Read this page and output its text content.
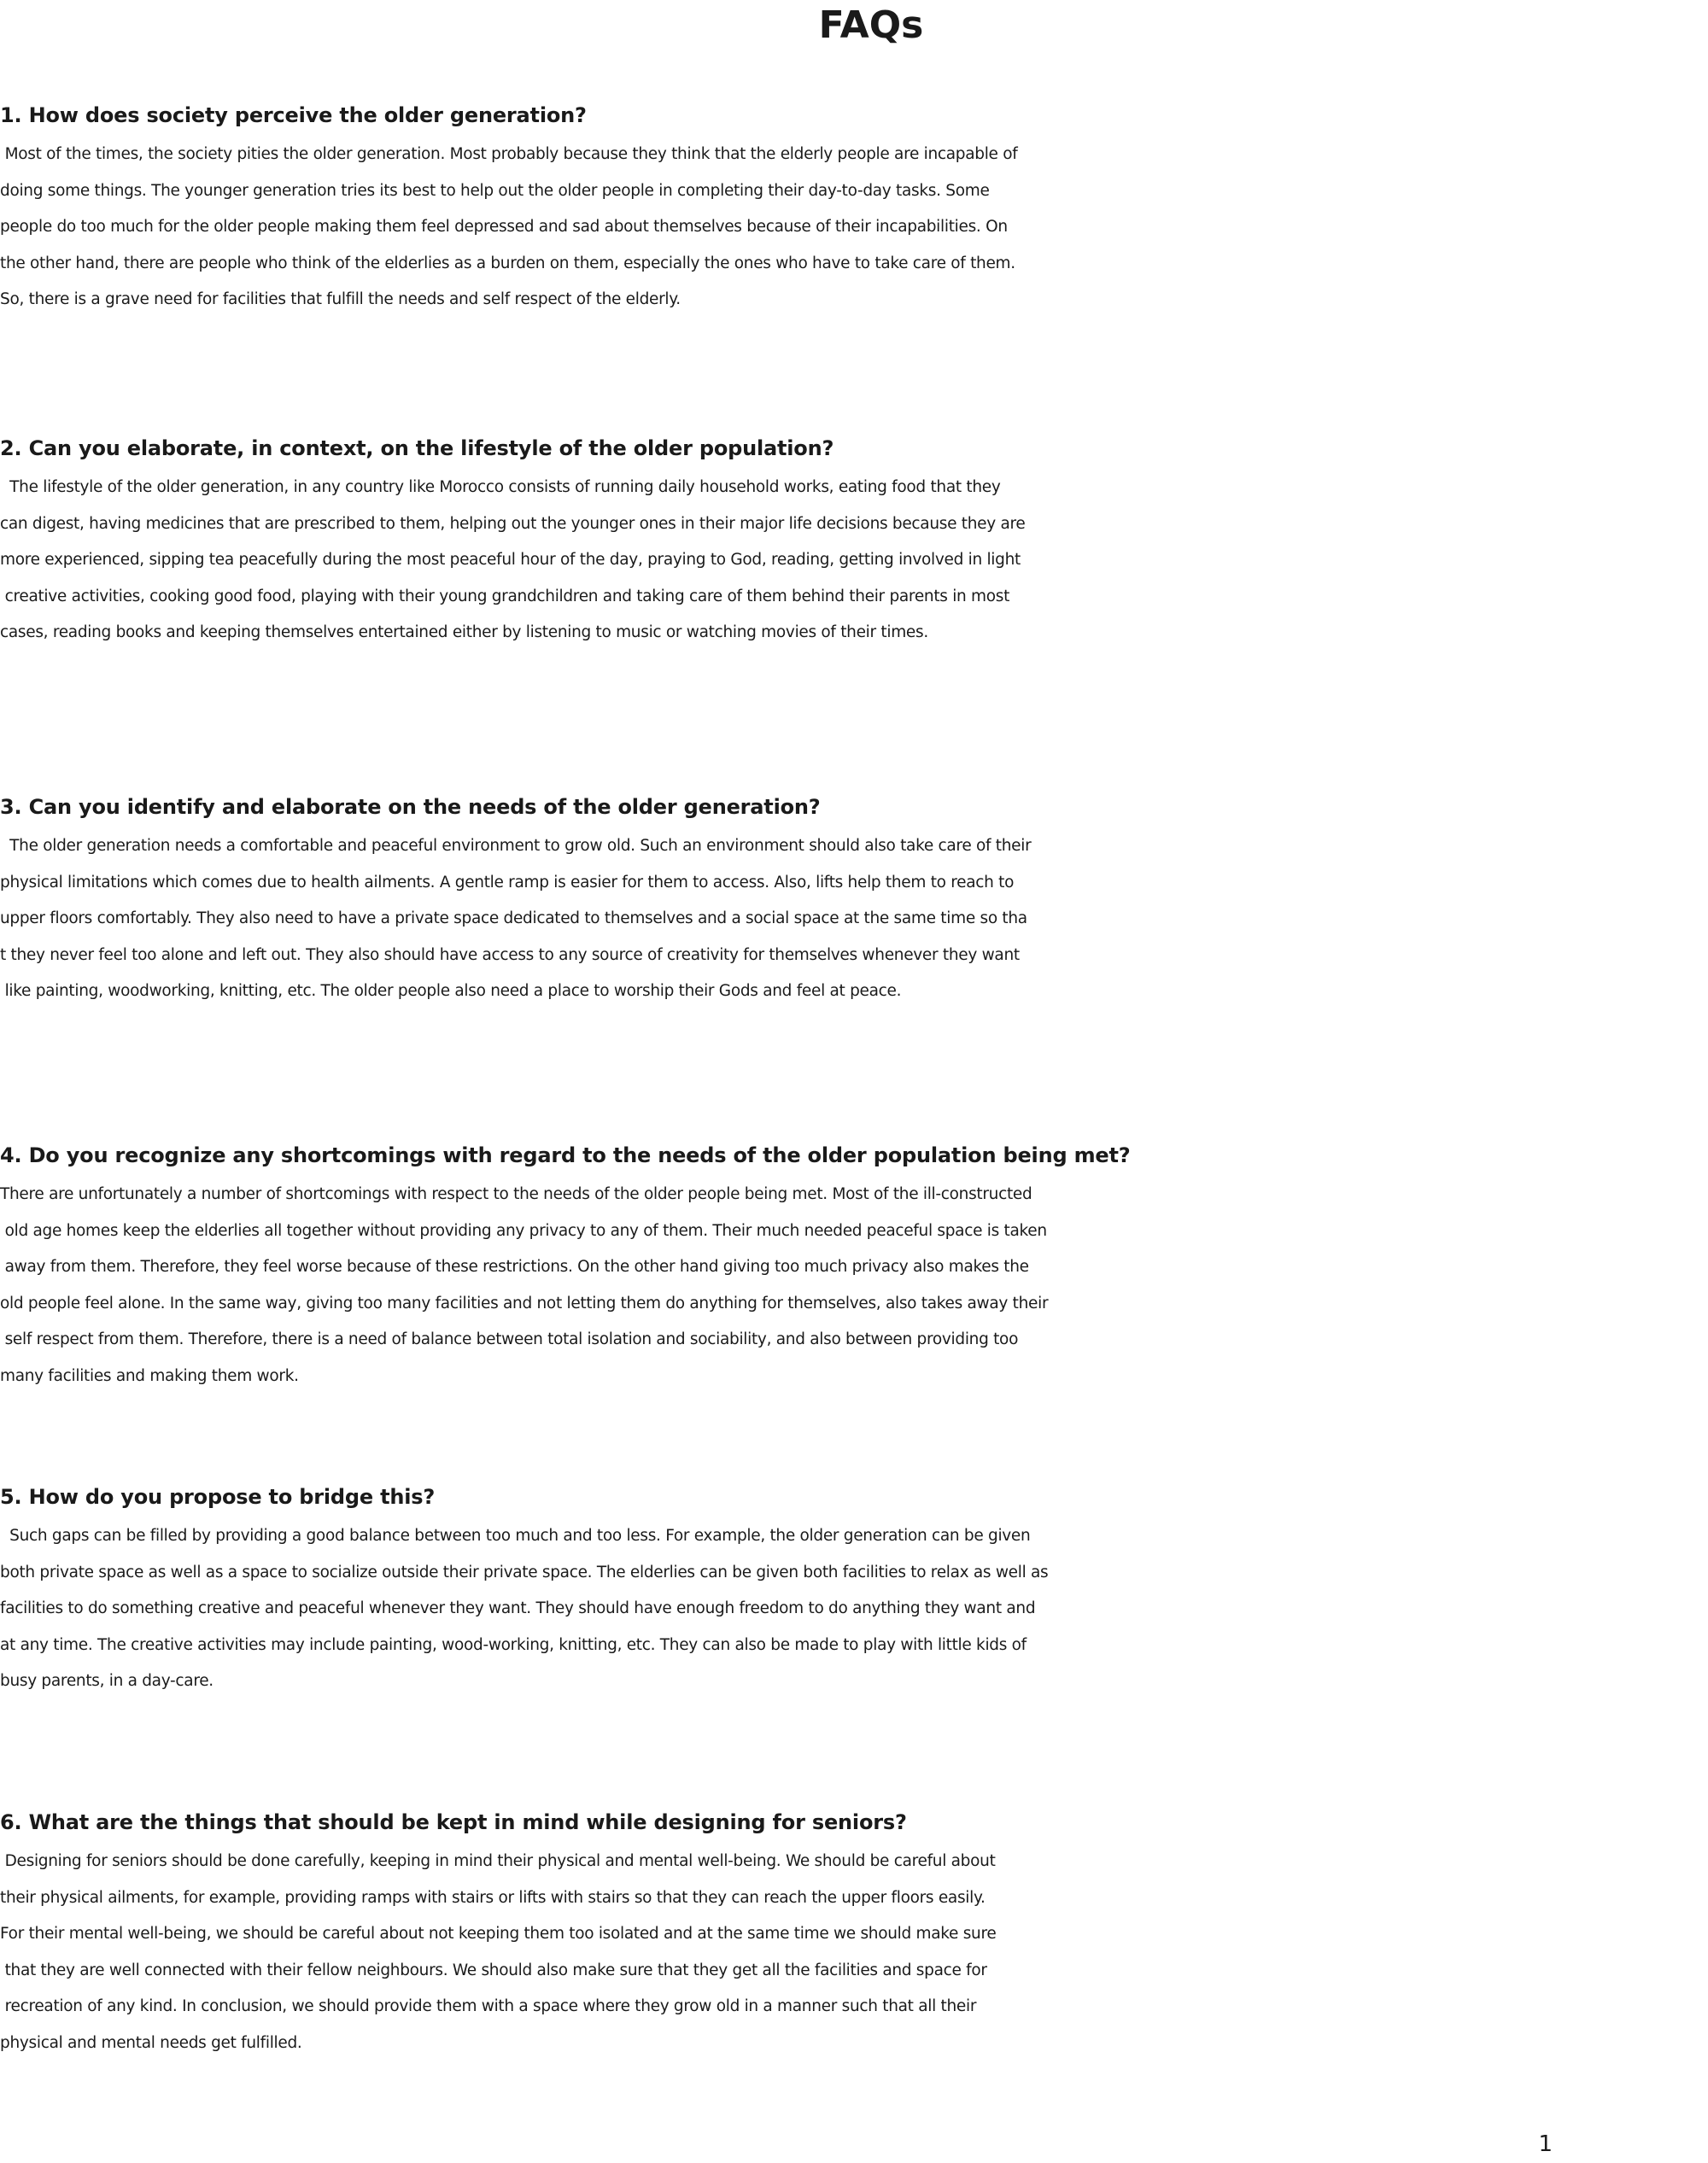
FAQs
1. How does society perceive the older generation?

Most of the times, the society pities the older generation. Most probably because they think that the elderly people are incapable of
doing some things. The younger generation tries its best to help out the older people in completing their day-to-day tasks. Some
people do too much for the older people making them feel depressed and sad about themselves because of their incapabilities. On
the other hand, there are people who think of the elderlies as a burden on them, especially the ones who have to take care of them.
So, there is a grave need for facilities that fulfill the needs and self respect of the elderly.

2. Can you elaborate, in context, on the lifestyle of the older population?

The lifestyle of the older generation, in any country like Morocco consists of running daily household works, eating food that they
can digest, having medicines that are prescribed to them, helping out the younger ones in their major life decisions because they are
more experienced, sipping tea peacefully during the most peaceful hour of the day, praying to God, reading, getting involved in light
creative activities, cooking good food, playing with their young grandchildren and taking care of them behind their parents in most
cases, reading books and keeping themselves entertained either by listening to music or watching movies of their times.

3. Can you identify and elaborate on the needs of the older generation?

The older generation needs a comfortable and peaceful environment to grow old. Such an environment should also take care of their
physical limitations which comes due to health ailments. A gentle ramp is easier for them to access. Also, lifts help them to reach to
upper floors comfortably. They also need to have a private space dedicated to themselves and a social space at the same time so tha
t they never feel too alone and left out. They also should have access to any source of creativity for themselves whenever they want
like painting, woodworking, knitting, etc. The older people also need a place to worship their Gods and feel at peace.

4. Do you recognize any shortcomings with regard to the needs of the older population being met?

There are unfortunately a number of shortcomings with respect to the needs of the older people being met. Most of the ill-constructed
old age homes keep the elderlies all together without providing any privacy to any of them. Their much needed peaceful space is taken
away from them. Therefore, they feel worse because of these restrictions. On the other hand giving too much privacy also makes the
old people feel alone. In the same way, giving too many facilities and not letting them do anything for themselves, also takes away their
self respect from them. Therefore, there is a need of balance between total isolation and sociability, and also between providing too
many facilities and making them work.

5. How do you propose to bridge this?

Such gaps can be filled by providing a good balance between too much and too less. For example, the older generation can be given
both private space as well as a space to socialize outside their private space. The elderlies can be given both facilities to relax as well as
facilities to do something creative and peaceful whenever they want. They should have enough freedom to do anything they want and
at any time. The creative activities may include painting, wood-working, knitting, etc. They can also be made to play with little kids of
busy parents, in a day-care.

6. What are the things that should be kept in mind while designing for seniors?

Designing for seniors should be done carefully, keeping in mind their physical and mental well-being. We should be careful about
their physical ailments, for example, providing ramps with stairs or lifts with stairs so that they can reach the upper floors easily.
For their mental well-being, we should be careful about not keeping them too isolated and at the same time we should make sure
that they are well connected with their fellow neighbours. We should also make sure that they get all the facilities and space for
recreation of any kind. In conclusion, we should provide them with a space where they grow old in a manner such that all their
physical and mental needs get fulfilled.

1
